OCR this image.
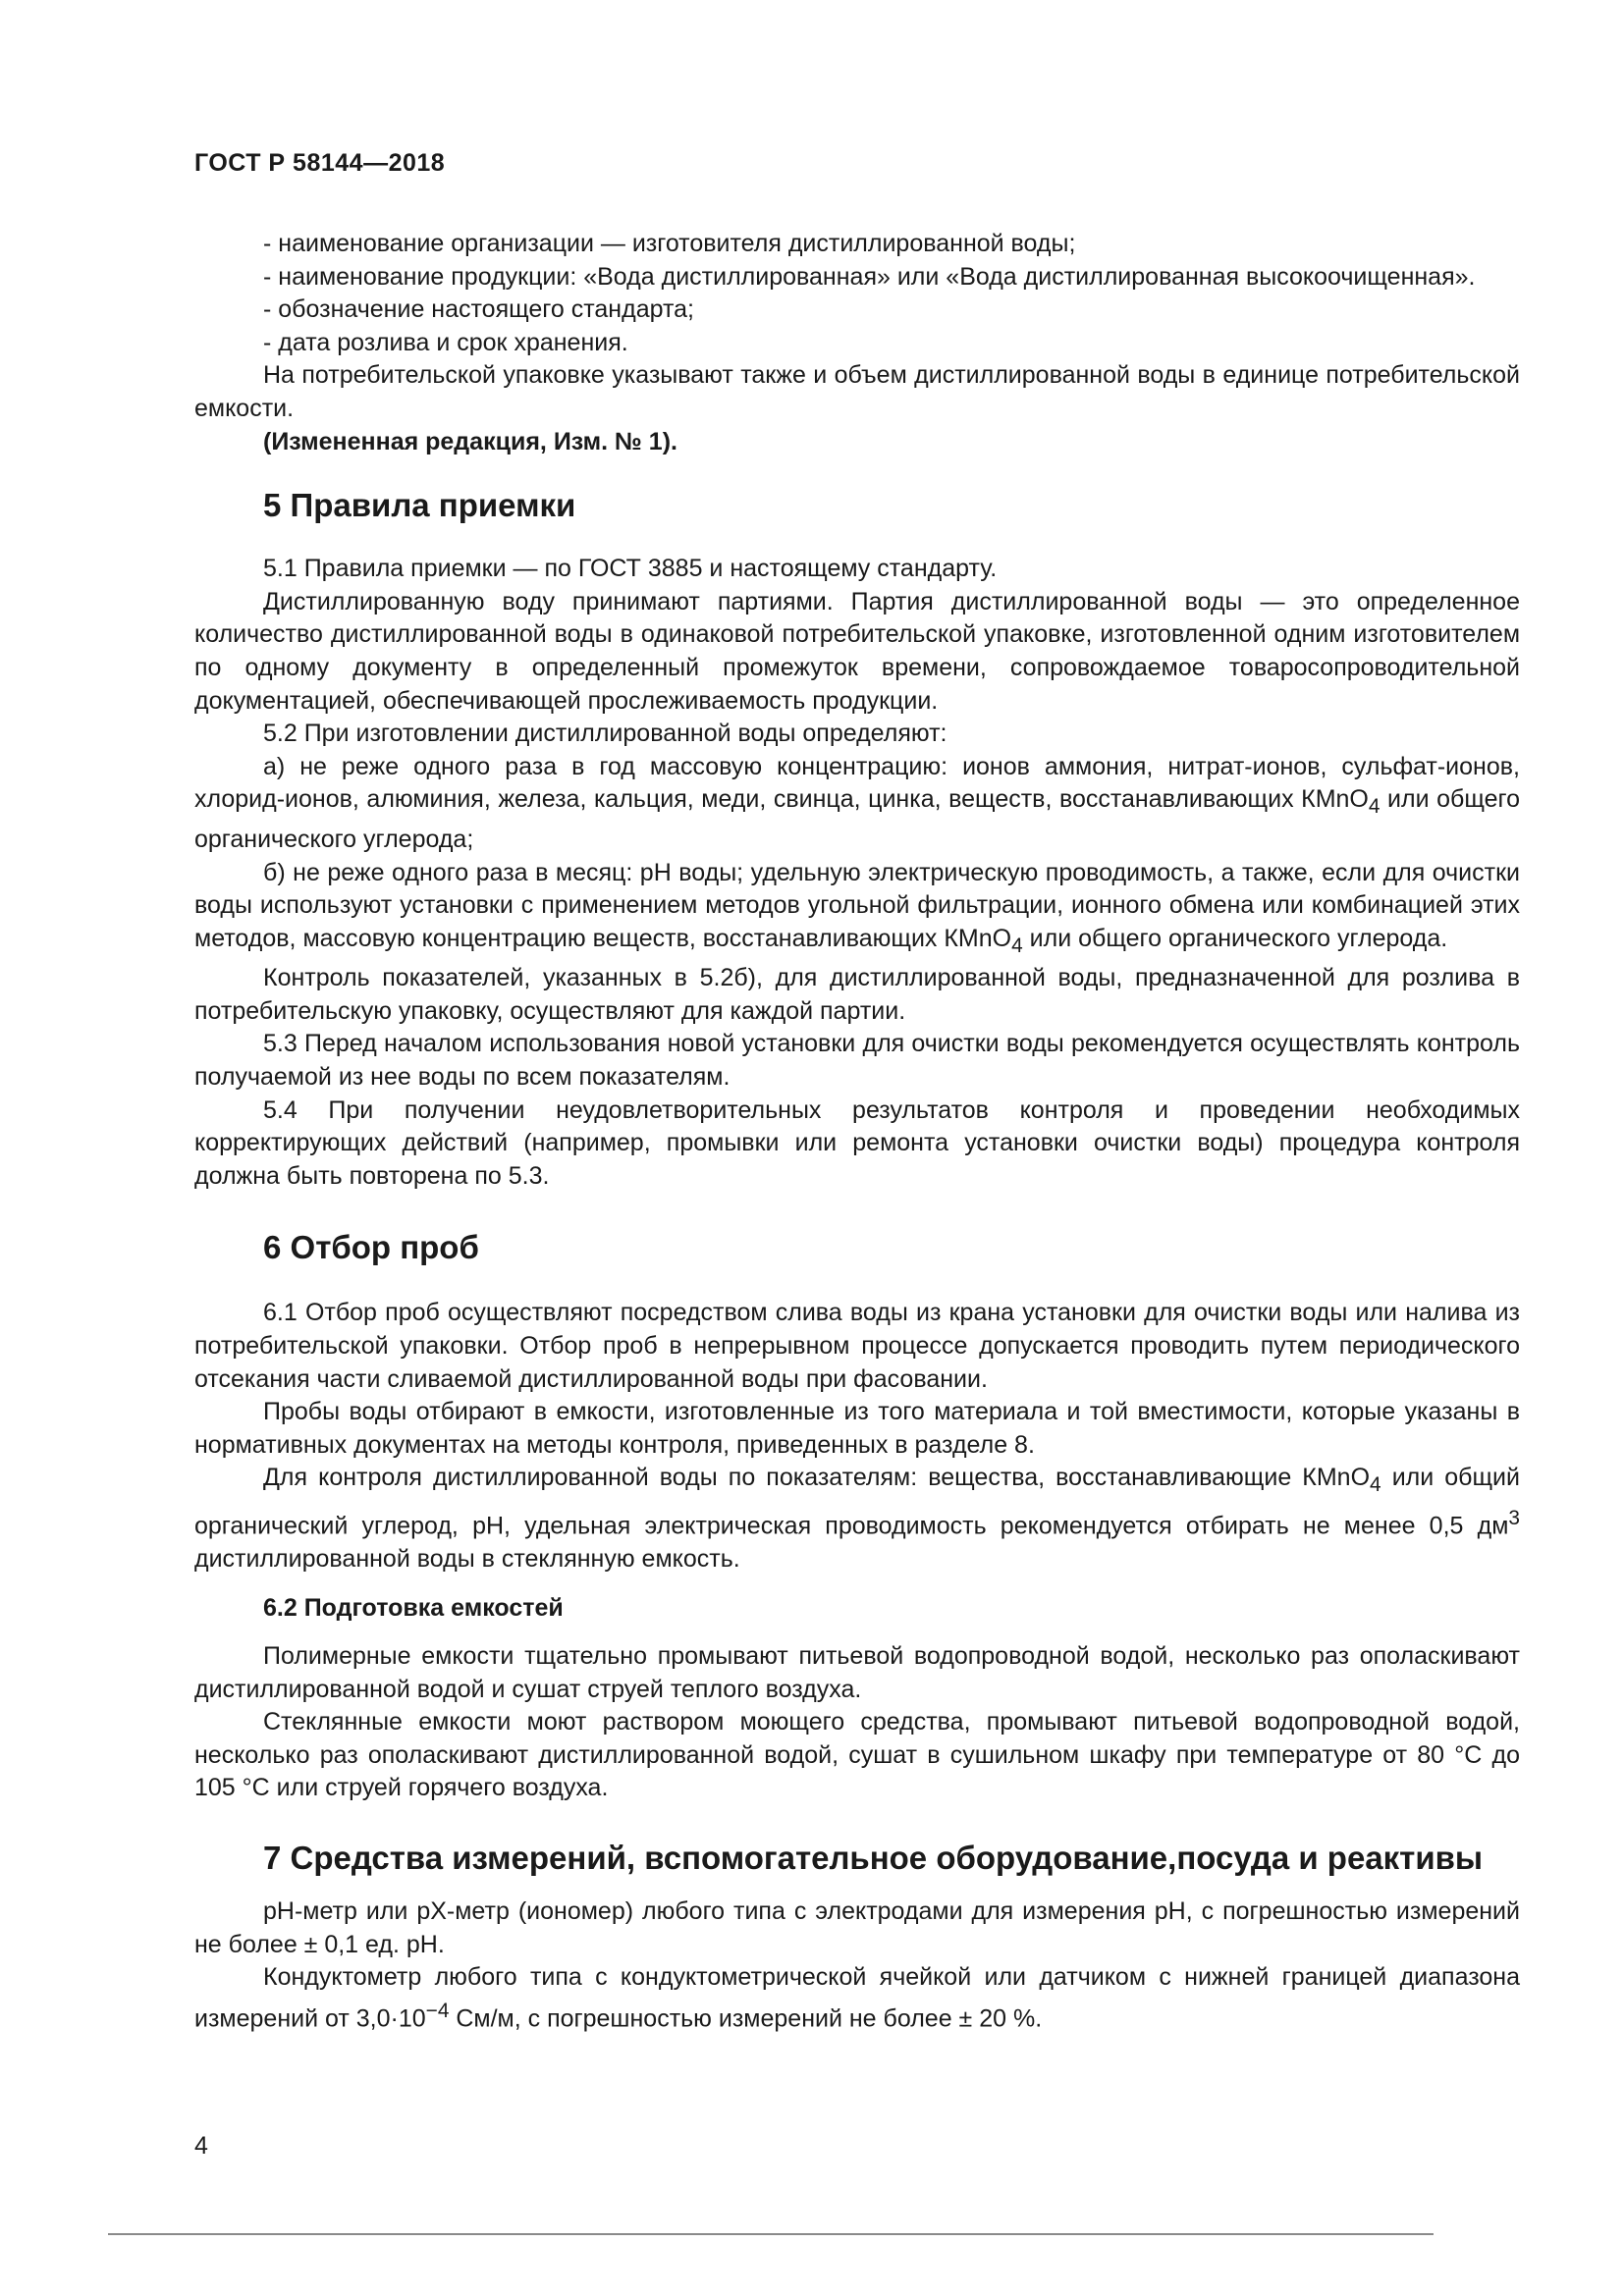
ГОСТ Р 58144—2018

- наименование организации — изготовителя дистиллированной воды;

- наименование продукции: «Вода дистиллированная» или «Вода дистиллированная высокоочищенная».

- обозначение настоящего стандарта;

- дата розлива и срок хранения.

На потребительской упаковке указывают также и объем дистиллированной воды в единице потребительской емкости.

(Измененная редакция, Изм. № 1).

5 Правила приемки

5.1 Правила приемки — по ГОСТ 3885 и настоящему стандарту.

Дистиллированную воду принимают партиями. Партия дистиллированной воды — это определенное количество дистиллированной воды в одинаковой потребительской упаковке, изготовленной одним изготовителем по одному документу в определенный промежуток времени, сопровождаемое товаросопроводительной документацией, обеспечивающей прослеживаемость продукции.

5.2 При изготовлении дистиллированной воды определяют:

а) не реже одного раза в год массовую концентрацию: ионов аммония, нитрат-ионов, сульфат-ионов, хлорид-ионов, алюминия, железа, кальция, меди, свинца, цинка, веществ, восстанавливающих КMnO$_4$ или общего органического углерода;

б) не реже одного раза в месяц: pH воды; удельную электрическую проводимость, а также, если для очистки воды используют установки с применением методов угольной фильтрации, ионного обмена или комбинацией этих методов, массовую концентрацию веществ, восстанавливающих КMnO$_4$ или общего органического углерода.

Контроль показателей, указанных в 5.2б), для дистиллированной воды, предназначенной для розлива в потребительскую упаковку, осуществляют для каждой партии.

5.3 Перед началом использования новой установки для очистки воды рекомендуется осуществлять контроль получаемой из нее воды по всем показателям.

5.4 При получении неудовлетворительных результатов контроля и проведении необходимых корректирующих действий (например, промывки или ремонта установки очистки воды) процедура контроля должна быть повторена по 5.3.

6 Отбор проб

6.1 Отбор проб осуществляют посредством слива воды из крана установки для очистки воды или налива из потребительской упаковки. Отбор проб в непрерывном процессе допускается проводить путем периодического отсекания части сливаемой дистиллированной воды при фасовании.

Пробы воды отбирают в емкости, изготовленные из того материала и той вместимости, которые указаны в нормативных документах на методы контроля, приведенных в разделе 8.

Для контроля дистиллированной воды по показателям: вещества, восстанавливающие КMnO$_4$ или общий органический углерод, pH, удельная электрическая проводимость рекомендуется отбирать не менее 0,5 $дм^3$ дистиллированной воды в стеклянную емкость.

6.2 Подготовка емкостей

Полимерные емкости тщательно промывают питьевой водопроводной водой, несколько раз ополаскивают дистиллированной водой и сушат струей теплого воздуха.

Стеклянные емкости моют раствором моющего средства, промывают питьевой водопроводной водой, несколько раз ополаскивают дистиллированной водой, сушат в сушильном шкафу при температуре от 80 °С до 105 °С или струей горячего воздуха.

7 Средства измерений, вспомогательное оборудование,посуда и реактивы

pH-метр или pX-метр (иономер) любого типа с электродами для измерения pH, с погрешностью измерений не более ± 0,1 ед. pH.

Кондуктометр любого типа с кондуктометрической ячейкой или датчиком с нижней границей диапазона измерений от $3,0\cdot 10^{-4}$ См/м, с погрешностью измерений не более ± 20 %.

4
